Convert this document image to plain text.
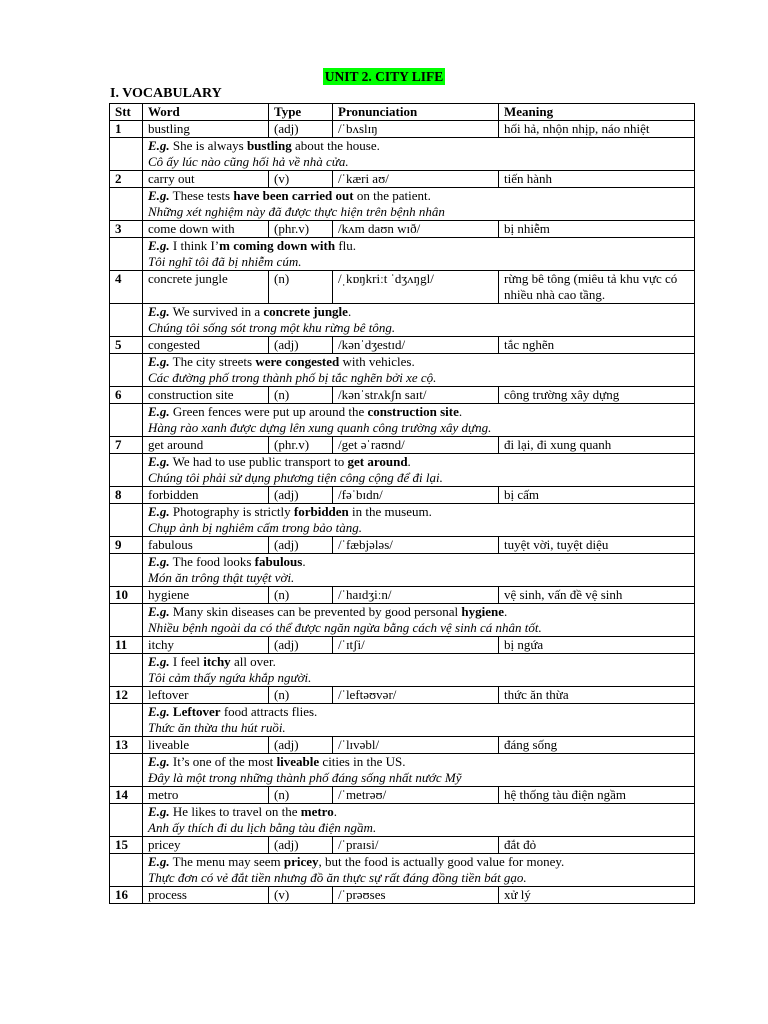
UNIT 2. CITY LIFE
I. VOCABULARY
Stt	Word	Type	Pronunciation	Meaning
1	bustling	(adj)	/ˈbʌslɪŋ	hối hả, nhộn nhịp, náo nhiệt

	E.g. She is always bustling about the house.
Cô ấy lúc nào cũng hối hả về nhà cửa.			

2	carry out	(v)	/ˈkæri aʊ/	tiến hành

	E.g. These tests have been carried out on the patient.
Những xét nghiệm này đã được thực hiện trên bệnh nhân			

3	come down with	(phr.v)	/kʌm daʊn wɪð/	bị nhiễm

	E.g. I think I’m coming down with flu.
Tôi nghĩ tôi đã bị nhiễm cúm.			

4	concrete jungle	(n)	/ˌkɒŋkriːt ˈdʒʌŋgl/	rừng bê tông (miêu tả khu vực có nhiều nhà cao tầng.

	E.g. We survived in a concrete jungle.
Chúng tôi sống sót trong một khu rừng bê tông.			

5	congested	(adj)	/kənˈdʒestɪd/	tắc nghẽn

	E.g. The city streets were congested with vehicles.
Các đường phố trong thành phố bị tắc nghẽn bởi xe cộ.			

6	construction site	(n)	/kənˈstrʌkʃn saɪt/	công trường xây dựng

	E.g. Green fences were put up around the construction site.
Hàng rào xanh được dựng lên xung quanh công trường xây dựng.			

7	get around	(phr.v)	/get əˈraʊnd/	đi lại, đi xung quanh

	E.g. We had to use public transport to get around.
Chúng tôi phải sử dụng phương tiện công cộng để đi lại.			

8	forbidden	(adj)	/fəˈbɪdn/	bị cấm

	E.g. Photography is strictly forbidden in the museum.
Chụp ảnh bị nghiêm cấm trong bảo tàng.			

9	fabulous	(adj)	/ˈfæbjələs/	tuyệt vời, tuyệt diệu

	E.g. The food looks fabulous.
Món ăn trông thật tuyệt vời.			

10	hygiene	(n)	/ˈhaɪdʒiːn/	vệ sinh, vấn đề vệ sinh

	E.g. Many skin diseases can be prevented by good personal hygiene.
Nhiều bệnh ngoài da có thể được ngăn ngừa bằng cách vệ sinh cá nhân tốt.			

11	itchy	(adj)	/ˈɪtʃi/	bị ngứa

	E.g. I feel itchy all over.
Tôi cảm thấy ngứa khắp người.			

12	leftover	(n)	/ˈleftəʊvər/	thức ăn thừa

	E.g. Leftover food attracts flies.
Thức ăn thừa thu hút ruồi.			

13	liveable	(adj)	/ˈlɪvəbl/	đáng sống

	E.g. It’s one of the most liveable cities in the US.
Đây là một trong những thành phố đáng sống nhất nước Mỹ			

14	metro	(n)	/ˈmetrəʊ/	hệ thống tàu điện ngầm

	E.g. He likes to travel on the metro.
Anh ấy thích đi du lịch bằng tàu điện ngầm.			

15	pricey	(adj)	/ˈpraɪsi/	đắt đỏ

	E.g. The menu may seem pricey, but the food is actually good value for money.
Thực đơn có vẻ đắt tiền nhưng đồ ăn thực sự rất đáng đồng tiền bát gạo.			

16	process	(v)	/ˈprəʊses	xử lý
